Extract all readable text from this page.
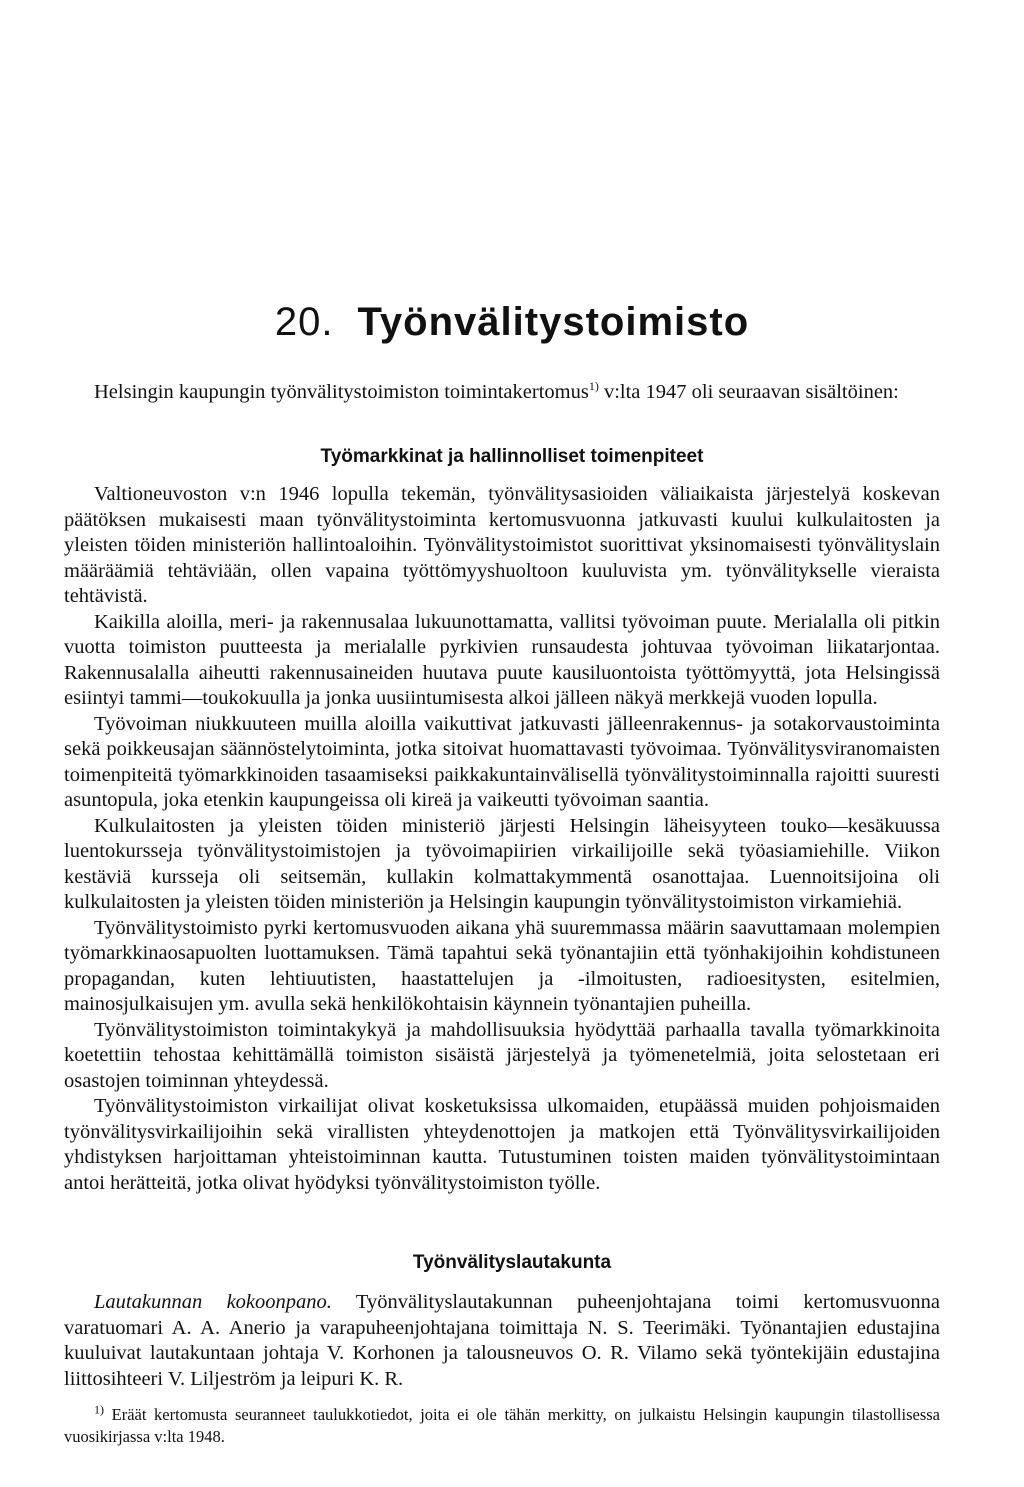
20. Työnvälitystoimisto

Helsingin kaupungin työnvälitystoimiston toimintakertomus$^{1)}$ v:lta 1947 oli seuraavan sisältöinen:

Työmarkkinat ja hallinnolliset toimenpiteet

Valtioneuvoston v:n 1946 lopulla tekemän, työnvälitysasioiden väliaikaista järjestelyä koskevan päätöksen mukaisesti maan työnvälitystoiminta kertomusvuonna jatkuvasti kuului kulkulaitosten ja yleisten töiden ministeriön hallintoaloihin. Työnvälitystoimistot suorittivat yksinomaisesti työnvälityslain määräämiä tehtäviään, ollen vapaina työttömyyshuoltoon kuuluvista ym. työnvälitykselle vieraista tehtävistä.

Kaikilla aloilla, meri- ja rakennusalaa lukuunottamatta, vallitsi työvoiman puute. Merialalla oli pitkin vuotta toimiston puutteesta ja merialalle pyrkivien runsaudesta johtuvaa työvoiman liikatarjontaa. Rakennusalalla aiheutti rakennusaineiden huutava puute kausiluontoista työttömyyttä, jota Helsingissä esiintyi tammi—toukokuulla ja jonka uusiintumisesta alkoi jälleen näkyä merkkejä vuoden lopulla.

Työvoiman niukkuuteen muilla aloilla vaikuttivat jatkuvasti jälleenrakennus- ja sotakorvaustoiminta sekä poikkeusajan säännöstelytoiminta, jotka sitoivat huomattavasti työvoimaa. Työnvälitysviranomaisten toimenpiteitä työmarkkinoiden tasaamiseksi paikkakuntainvälisellä työnvälitystoiminnalla rajoitti suuresti asuntopula, joka etenkin kaupungeissa oli kireä ja vaikeutti työvoiman saantia.

Kulkulaitosten ja yleisten töiden ministeriö järjesti Helsingin läheisyyteen touko—kesäkuussa luentokursseja työnvälitystoimistojen ja työvoimapiirien virkailijoille sekä työasiamiehille. Viikon kestäviä kursseja oli seitsemän, kullakin kolmattakymmentä osanottajaa. Luennoitsijoina oli kulkulaitosten ja yleisten töiden ministeriön ja Helsingin kaupungin työnvälitystoimiston virkamiehiä.

Työnvälitystoimisto pyrki kertomusvuoden aikana yhä suuremmassa määrin saavuttamaan molempien työmarkkinaosapuolten luottamuksen. Tämä tapahtui sekä työnantajiin että työnhakijoihin kohdistuneen propagandan, kuten lehtiuutisten, haastattelujen ja -ilmoitusten, radioesitysten, esitelmien, mainosjulkaisujen ym. avulla sekä henkilökohtaisin käynnein työnantajien puheilla.

Työnvälitystoimiston toimintakykyä ja mahdollisuuksia hyödyttää parhaalla tavalla työmarkkinoita koetettiin tehostaa kehittämällä toimiston sisäistä järjestelyä ja työmenetelmiä, joita selostetaan eri osastojen toiminnan yhteydessä.

Työnvälitystoimiston virkailijat olivat kosketuksissa ulkomaiden, etupäässä muiden pohjoismaiden työnvälitysvirkailijoihin sekä virallisten yhteydenottojen ja matkojen että Työnvälitysvirkailijoiden yhdistyksen harjoittaman yhteistoiminnan kautta. Tutustuminen toisten maiden työnvälitystoimintaan antoi herätteitä, jotka olivat hyödyksi työnvälitystoimiston työlle.

Työnvälityslautakunta

Lautakunnan kokoonpano. Työnvälityslautakunnan puheenjohtajana toimi kertomusvuonna varatuomari A. A. Anerio ja varapuheenjohtajana toimittaja N. S. Teerimäki. Työnantajien edustajina kuuluivat lautakuntaan johtaja V. Korhonen ja talousneuvos O. R. Vilamo sekä työntekijäin edustajina liittosihteeri V. Liljeström ja leipuri K. R.

$^{1)}$ Eräät kertomusta seuranneet taulukkotiedot, joita ei ole tähän merkitty, on julkaistu Helsingin kaupungin tilastollisessa vuosikirjassa v:lta 1948.
